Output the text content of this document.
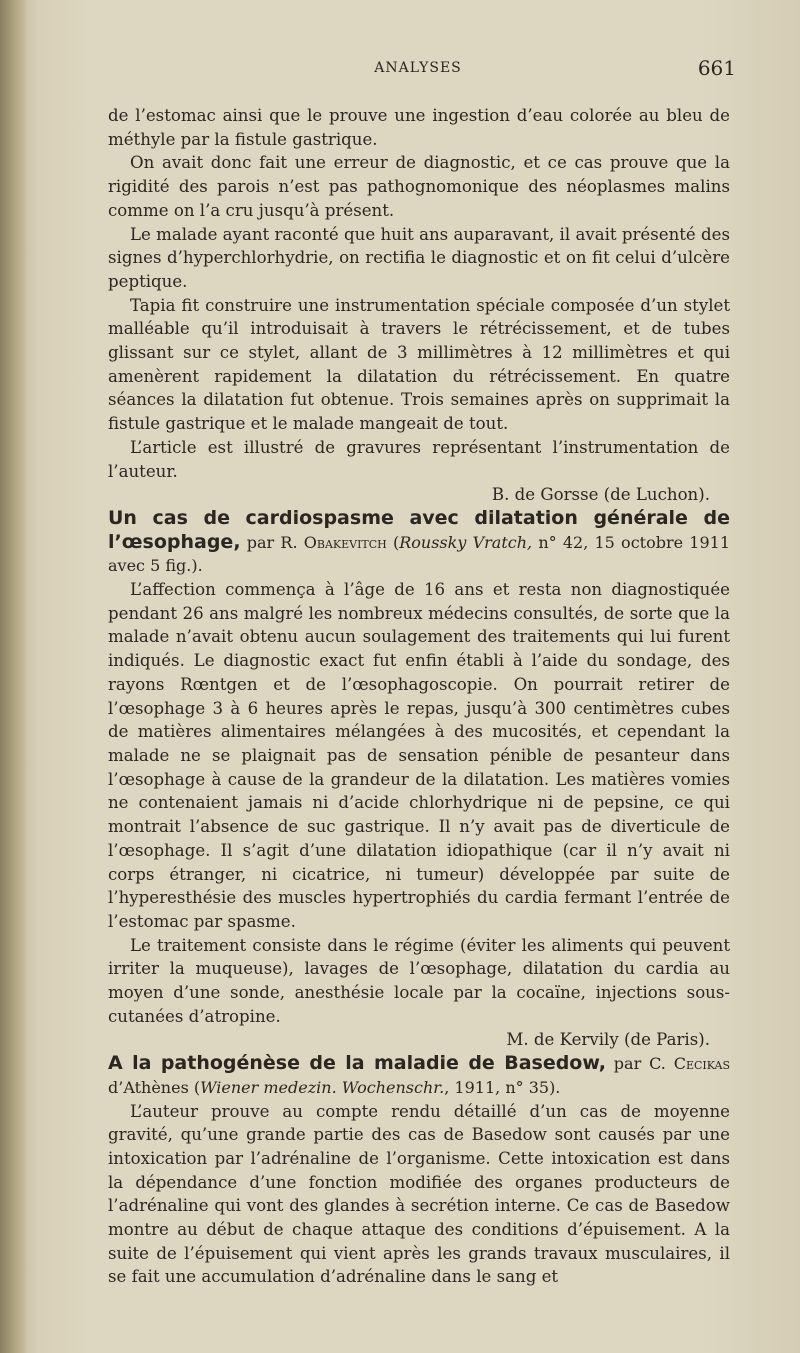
ANALYSES	661

de l’estomac ainsi que le prouve une ingestion d’eau colorée au bleu de méthyle par la fistule gastrique.

On avait donc fait une erreur de diagnostic, et ce cas prouve que la rigidité des parois n’est pas pathognomonique des néoplasmes malins comme on l’a cru jusqu’à présent.

Le malade ayant raconté que huit ans auparavant, il avait présenté des signes d’hyperchlorhydrie, on rectifia le diagnostic et on fit celui d’ulcère peptique.

Tapia fit construire une instrumentation spéciale composée d’un stylet malléable qu’il introduisait à travers le rétrécissement, et de tubes glissant sur ce stylet, allant de 3 millimètres à 12 millimètres et qui amenèrent rapidement la dilatation du rétrécissement. En quatre séances la dilatation fut obtenue. Trois semaines après on supprimait la fistule gastrique et le malade mangeait de tout.

L’article est illustré de gravures représentant l’instrumentation de l’auteur.

B. de Gorsse (de Luchon).

Un cas de cardiospasme avec dilatation générale de l’œsophage, par R. Obakevitch (Roussky Vratch, n° 42, 15 octobre 1911 avec 5 fig.).

L’affection commença à l’âge de 16 ans et resta non diagnostiquée pendant 26 ans malgré les nombreux médecins consultés, de sorte que la malade n’avait obtenu aucun soulagement des traitements qui lui furent indiqués. Le diagnostic exact fut enfin établi à l’aide du sondage, des rayons Rœntgen et de l’œsophagoscopie. On pourrait retirer de l’œsophage 3 à 6 heures après le repas, jusqu’à 300 centimètres cubes de matières alimentaires mélangées à des mucosités, et cependant la malade ne se plaignait pas de sensation pénible de pesanteur dans l’œsophage à cause de la grandeur de la dilatation. Les matières vomies ne contenaient jamais ni d’acide chlorhydrique ni de pepsine, ce qui montrait l’absence de suc gastrique. Il n’y avait pas de diverticule de l’œsophage. Il s’agit d’une dilatation idiopathique (car il n’y avait ni corps étranger, ni cicatrice, ni tumeur) développée par suite de l’hyperesthésie des muscles hypertrophiés du cardia fermant l’entrée de l’estomac par spasme.

Le traitement consiste dans le régime (éviter les aliments qui peuvent irriter la muqueuse), lavages de l’œsophage, dilatation du cardia au moyen d’une sonde, anesthésie locale par la cocaïne, injections sous-cutanées d’atropine.

M. de Kervily (de Paris).

A la pathogénèse de la maladie de Basedow, par C. Cecikas d’Athènes (Wiener medezin. Wochenschr., 1911, n° 35).

L’auteur prouve au compte rendu détaillé d’un cas de moyenne gravité, qu’une grande partie des cas de Basedow sont causés par une intoxication par l’adrénaline de l’organisme. Cette intoxication est dans la dépendance d’une fonction modifiée des organes producteurs de l’adrénaline qui vont des glandes à secrétion interne. Ce cas de Basedow montre au début de chaque attaque des conditions d’épuisement. A la suite de l’épuisement qui vient après les grands travaux musculaires, il se fait une accumulation d’adrénaline dans le sang et
